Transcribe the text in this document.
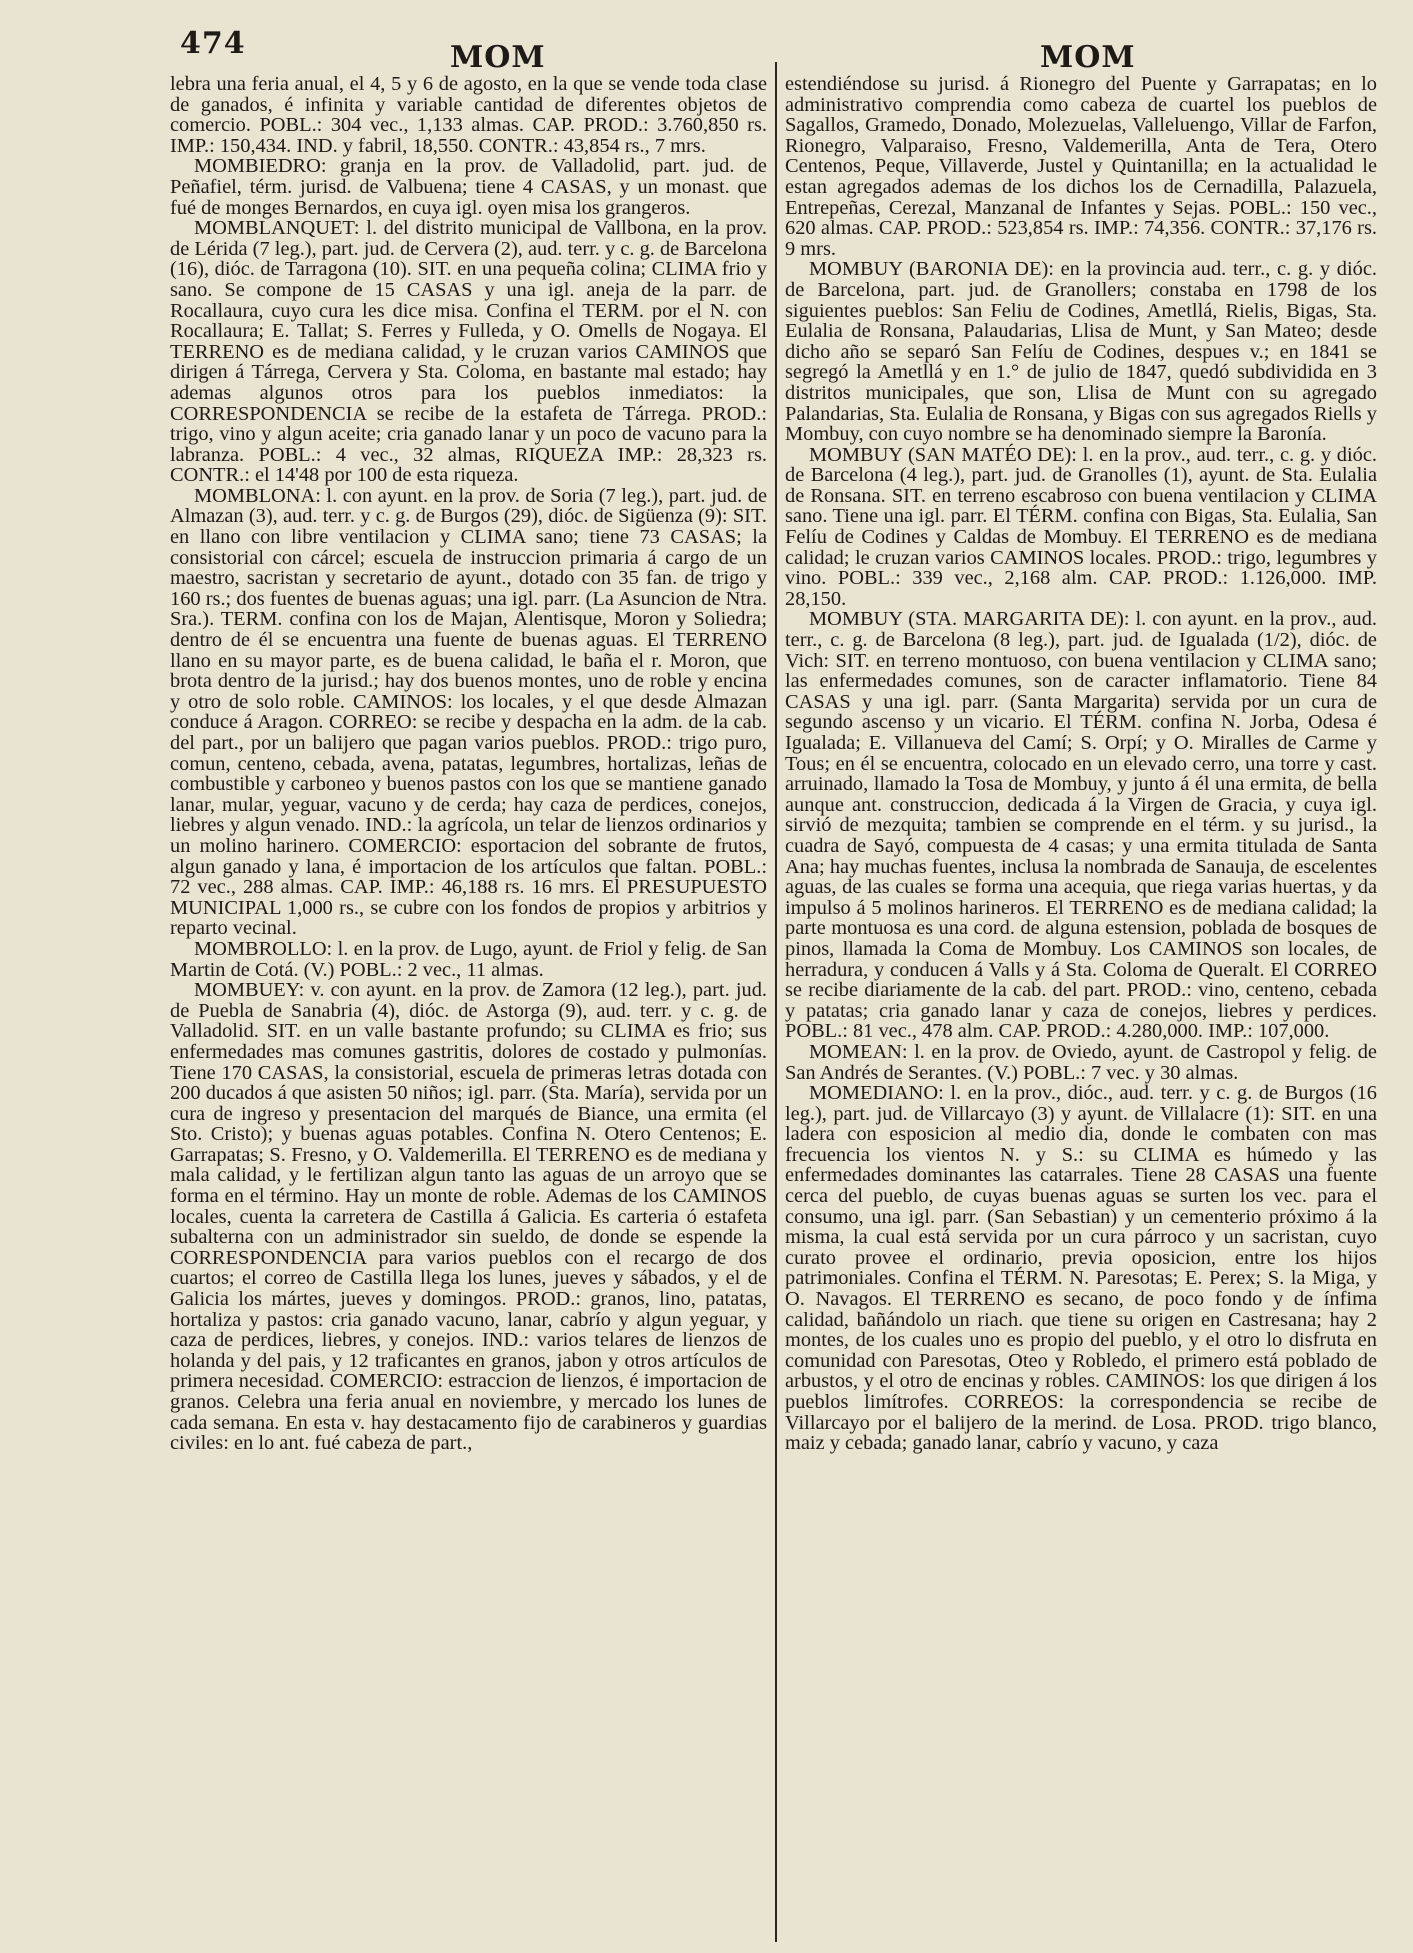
474	MOM	MOM

lebra una feria anual, el 4, 5 y 6 de agosto, en la que se vende toda clase de ganados, é infinita y variable cantidad de diferentes objetos de comercio. POBL.: 304 vec., 1,133 almas. CAP. PROD.: 3.760,850 rs. IMP.: 150,434. IND. y fabril, 18,550. CONTR.: 43,854 rs., 7 mrs.

MOMBIEDRO: granja en la prov. de Valladolid, part. jud. de Peñafiel, térm. jurisd. de Valbuena; tiene 4 CASAS, y un monast. que fué de monges Bernardos, en cuya igl. oyen misa los grangeros.

MOMBLANQUET: l. del distrito municipal de Vallbona, en la prov. de Lérida (7 leg.), part. jud. de Cervera (2), aud. terr. y c. g. de Barcelona (16), dióc. de Tarragona (10). SIT. en una pequeña colina; CLIMA frio y sano. Se compone de 15 CASAS y una igl. aneja de la parr. de Rocallaura, cuyo cura les dice misa. Confina el TERM. por el N. con Rocallaura; E. Tallat; S. Ferres y Fulleda, y O. Omells de Nogaya. El TERRENO es de mediana calidad, y le cruzan varios CAMINOS que dirigen á Tárrega, Cervera y Sta. Coloma, en bastante mal estado; hay ademas algunos otros para los pueblos inmediatos: la CORRESPONDENCIA se recibe de la estafeta de Tárrega. PROD.: trigo, vino y algun aceite; cria ganado lanar y un poco de vacuno para la labranza. POBL.: 4 vec., 32 almas, RIQUEZA IMP.: 28,323 rs. CONTR.: el 14'48 por 100 de esta riqueza.

MOMBLONA: l. con ayunt. en la prov. de Soria (7 leg.), part. jud. de Almazan (3), aud. terr. y c. g. de Burgos (29), dióc. de Sigüenza (9): SIT. en llano con libre ventilacion y CLIMA sano; tiene 73 CASAS; la consistorial con cárcel; escuela de instruccion primaria á cargo de un maestro, sacristan y secretario de ayunt., dotado con 35 fan. de trigo y 160 rs.; dos fuentes de buenas aguas; una igl. parr. (La Asuncion de Ntra. Sra.). TERM. confina con los de Majan, Alentisque, Moron y Soliedra; dentro de él se encuentra una fuente de buenas aguas. El TERRENO llano en su mayor parte, es de buena calidad, le baña el r. Moron, que brota dentro de la jurisd.; hay dos buenos montes, uno de roble y encina y otro de solo roble. CAMINOS: los locales, y el que desde Almazan conduce á Aragon. CORREO: se recibe y despacha en la adm. de la cab. del part., por un balijero que pagan varios pueblos. PROD.: trigo puro, comun, centeno, cebada, avena, patatas, legumbres, hortalizas, leñas de combustible y carboneo y buenos pastos con los que se mantiene ganado lanar, mular, yeguar, vacuno y de cerda; hay caza de perdices, conejos, liebres y algun venado. IND.: la agrícola, un telar de lienzos ordinarios y un molino harinero. COMERCIO: esportacion del sobrante de frutos, algun ganado y lana, é importacion de los artículos que faltan. POBL.: 72 vec., 288 almas. CAP. IMP.: 46,188 rs. 16 mrs. El PRESUPUESTO MUNICIPAL 1,000 rs., se cubre con los fondos de propios y arbitrios y reparto vecinal.

MOMBROLLO: l. en la prov. de Lugo, ayunt. de Friol y felig. de San Martin de Cotá. (V.) POBL.: 2 vec., 11 almas.

MOMBUEY: v. con ayunt. en la prov. de Zamora (12 leg.), part. jud. de Puebla de Sanabria (4), dióc. de Astorga (9), aud. terr. y c. g. de Valladolid. SIT. en un valle bastante profundo; su CLIMA es frio; sus enfermedades mas comunes gastritis, dolores de costado y pulmonías. Tiene 170 CASAS, la consistorial, escuela de primeras letras dotada con 200 ducados á que asisten 50 niños; igl. parr. (Sta. María), servida por un cura de ingreso y presentacion del marqués de Biance, una ermita (el Sto. Cristo); y buenas aguas potables. Confina N. Otero Centenos; E. Garrapatas; S. Fresno, y O. Valdemerilla. El TERRENO es de mediana y mala calidad, y le fertilizan algun tanto las aguas de un arroyo que se forma en el término. Hay un monte de roble. Ademas de los CAMINOS locales, cuenta la carretera de Castilla á Galicia. Es carteria ó estafeta subalterna con un administrador sin sueldo, de donde se espende la CORRESPONDENCIA para varios pueblos con el recargo de dos cuartos; el correo de Castilla llega los lunes, jueves y sábados, y el de Galicia los mártes, jueves y domingos. PROD.: granos, lino, patatas, hortaliza y pastos: cria ganado vacuno, lanar, cabrío y algun yeguar, y caza de perdices, liebres, y conejos. IND.: varios telares de lienzos de holanda y del pais, y 12 traficantes en granos, jabon y otros artículos de primera necesidad. COMERCIO: estraccion de lienzos, é importacion de granos. Celebra una feria anual en noviembre, y mercado los lunes de cada semana. En esta v. hay destacamento fijo de carabineros y guardias civiles: en lo ant. fué cabeza de part.,

estendiéndose su jurisd. á Rionegro del Puente y Garrapatas; en lo administrativo comprendia como cabeza de cuartel los pueblos de Sagallos, Gramedo, Donado, Molezuelas, Valleluengo, Villar de Farfon, Rionegro, Valparaiso, Fresno, Valdemerilla, Anta de Tera, Otero Centenos, Peque, Villaverde, Justel y Quintanilla; en la actualidad le estan agregados ademas de los dichos los de Cernadilla, Palazuela, Entrepeñas, Cerezal, Manzanal de Infantes y Sejas. POBL.: 150 vec., 620 almas. CAP. PROD.: 523,854 rs. IMP.: 74,356. CONTR.: 37,176 rs. 9 mrs.

MOMBUY (BARONIA DE): en la provincia aud. terr., c. g. y dióc. de Barcelona, part. jud. de Granollers; constaba en 1798 de los siguientes pueblos: San Feliu de Codines, Ametllá, Rielis, Bigas, Sta. Eulalia de Ronsana, Palaudarias, Llisa de Munt, y San Mateo; desde dicho año se separó San Felíu de Codines, despues v.; en 1841 se segregó la Ametllá y en 1.° de julio de 1847, quedó subdividida en 3 distritos municipales, que son, Llisa de Munt con su agregado Palandarias, Sta. Eulalia de Ronsana, y Bigas con sus agregados Riells y Mombuy, con cuyo nombre se ha denominado siempre la Baronía.

MOMBUY (SAN MATÉO DE): l. en la prov., aud. terr., c. g. y dióc. de Barcelona (4 leg.), part. jud. de Granolles (1), ayunt. de Sta. Eulalia de Ronsana. SIT. en terreno escabroso con buena ventilacion y CLIMA sano. Tiene una igl. parr. El TÉRM. confina con Bigas, Sta. Eulalia, San Felíu de Codines y Caldas de Mombuy. El TERRENO es de mediana calidad; le cruzan varios CAMINOS locales. PROD.: trigo, legumbres y vino. POBL.: 339 vec., 2,168 alm. CAP. PROD.: 1.126,000. IMP. 28,150.

MOMBUY (STA. MARGARITA DE): l. con ayunt. en la prov., aud. terr., c. g. de Barcelona (8 leg.), part. jud. de Igualada (1/2), dióc. de Vich: SIT. en terreno montuoso, con buena ventilacion y CLIMA sano; las enfermedades comunes, son de caracter inflamatorio. Tiene 84 CASAS y una igl. parr. (Santa Margarita) servida por un cura de segundo ascenso y un vicario. El TÉRM. confina N. Jorba, Odesa é Igualada; E. Villanueva del Camí; S. Orpí; y O. Miralles de Carme y Tous; en él se encuentra, colocado en un elevado cerro, una torre y cast. arruinado, llamado la Tosa de Mombuy, y junto á él una ermita, de bella aunque ant. construccion, dedicada á la Virgen de Gracia, y cuya igl. sirvió de mezquita; tambien se comprende en el térm. y su jurisd., la cuadra de Sayó, compuesta de 4 casas; y una ermita titulada de Santa Ana; hay muchas fuentes, inclusa la nombrada de Sanauja, de escelentes aguas, de las cuales se forma una acequia, que riega varias huertas, y da impulso á 5 molinos harineros. El TERRENO es de mediana calidad; la parte montuosa es una cord. de alguna estension, poblada de bosques de pinos, llamada la Coma de Mombuy. Los CAMINOS son locales, de herradura, y conducen á Valls y á Sta. Coloma de Queralt. El CORREO se recibe diariamente de la cab. del part. PROD.: vino, centeno, cebada y patatas; cria ganado lanar y caza de conejos, liebres y perdices. POBL.: 81 vec., 478 alm. CAP. PROD.: 4.280,000. IMP.: 107,000.

MOMEAN: l. en la prov. de Oviedo, ayunt. de Castropol y felig. de San Andrés de Serantes. (V.) POBL.: 7 vec. y 30 almas.

MOMEDIANO: l. en la prov., dióc., aud. terr. y c. g. de Burgos (16 leg.), part. jud. de Villarcayo (3) y ayunt. de Villalacre (1): SIT. en una ladera con esposicion al medio dia, donde le combaten con mas frecuencia los vientos N. y S.: su CLIMA es húmedo y las enfermedades dominantes las catarrales. Tiene 28 CASAS una fuente cerca del pueblo, de cuyas buenas aguas se surten los vec. para el consumo, una igl. parr. (San Sebastian) y un cementerio próximo á la misma, la cual está servida por un cura párroco y un sacristan, cuyo curato provee el ordinario, previa oposicion, entre los hijos patrimoniales. Confina el TÉRM. N. Paresotas; E. Perex; S. la Miga, y O. Navagos. El TERRENO es secano, de poco fondo y de ínfima calidad, bañándolo un riach. que tiene su origen en Castresana; hay 2 montes, de los cuales uno es propio del pueblo, y el otro lo disfruta en comunidad con Paresotas, Oteo y Robledo, el primero está poblado de arbustos, y el otro de encinas y robles. CAMINOS: los que dirigen á los pueblos limítrofes. CORREOS: la correspondencia se recibe de Villarcayo por el balijero de la merind. de Losa. PROD. trigo blanco, maiz y cebada; ganado lanar, cabrío y vacuno, y caza
